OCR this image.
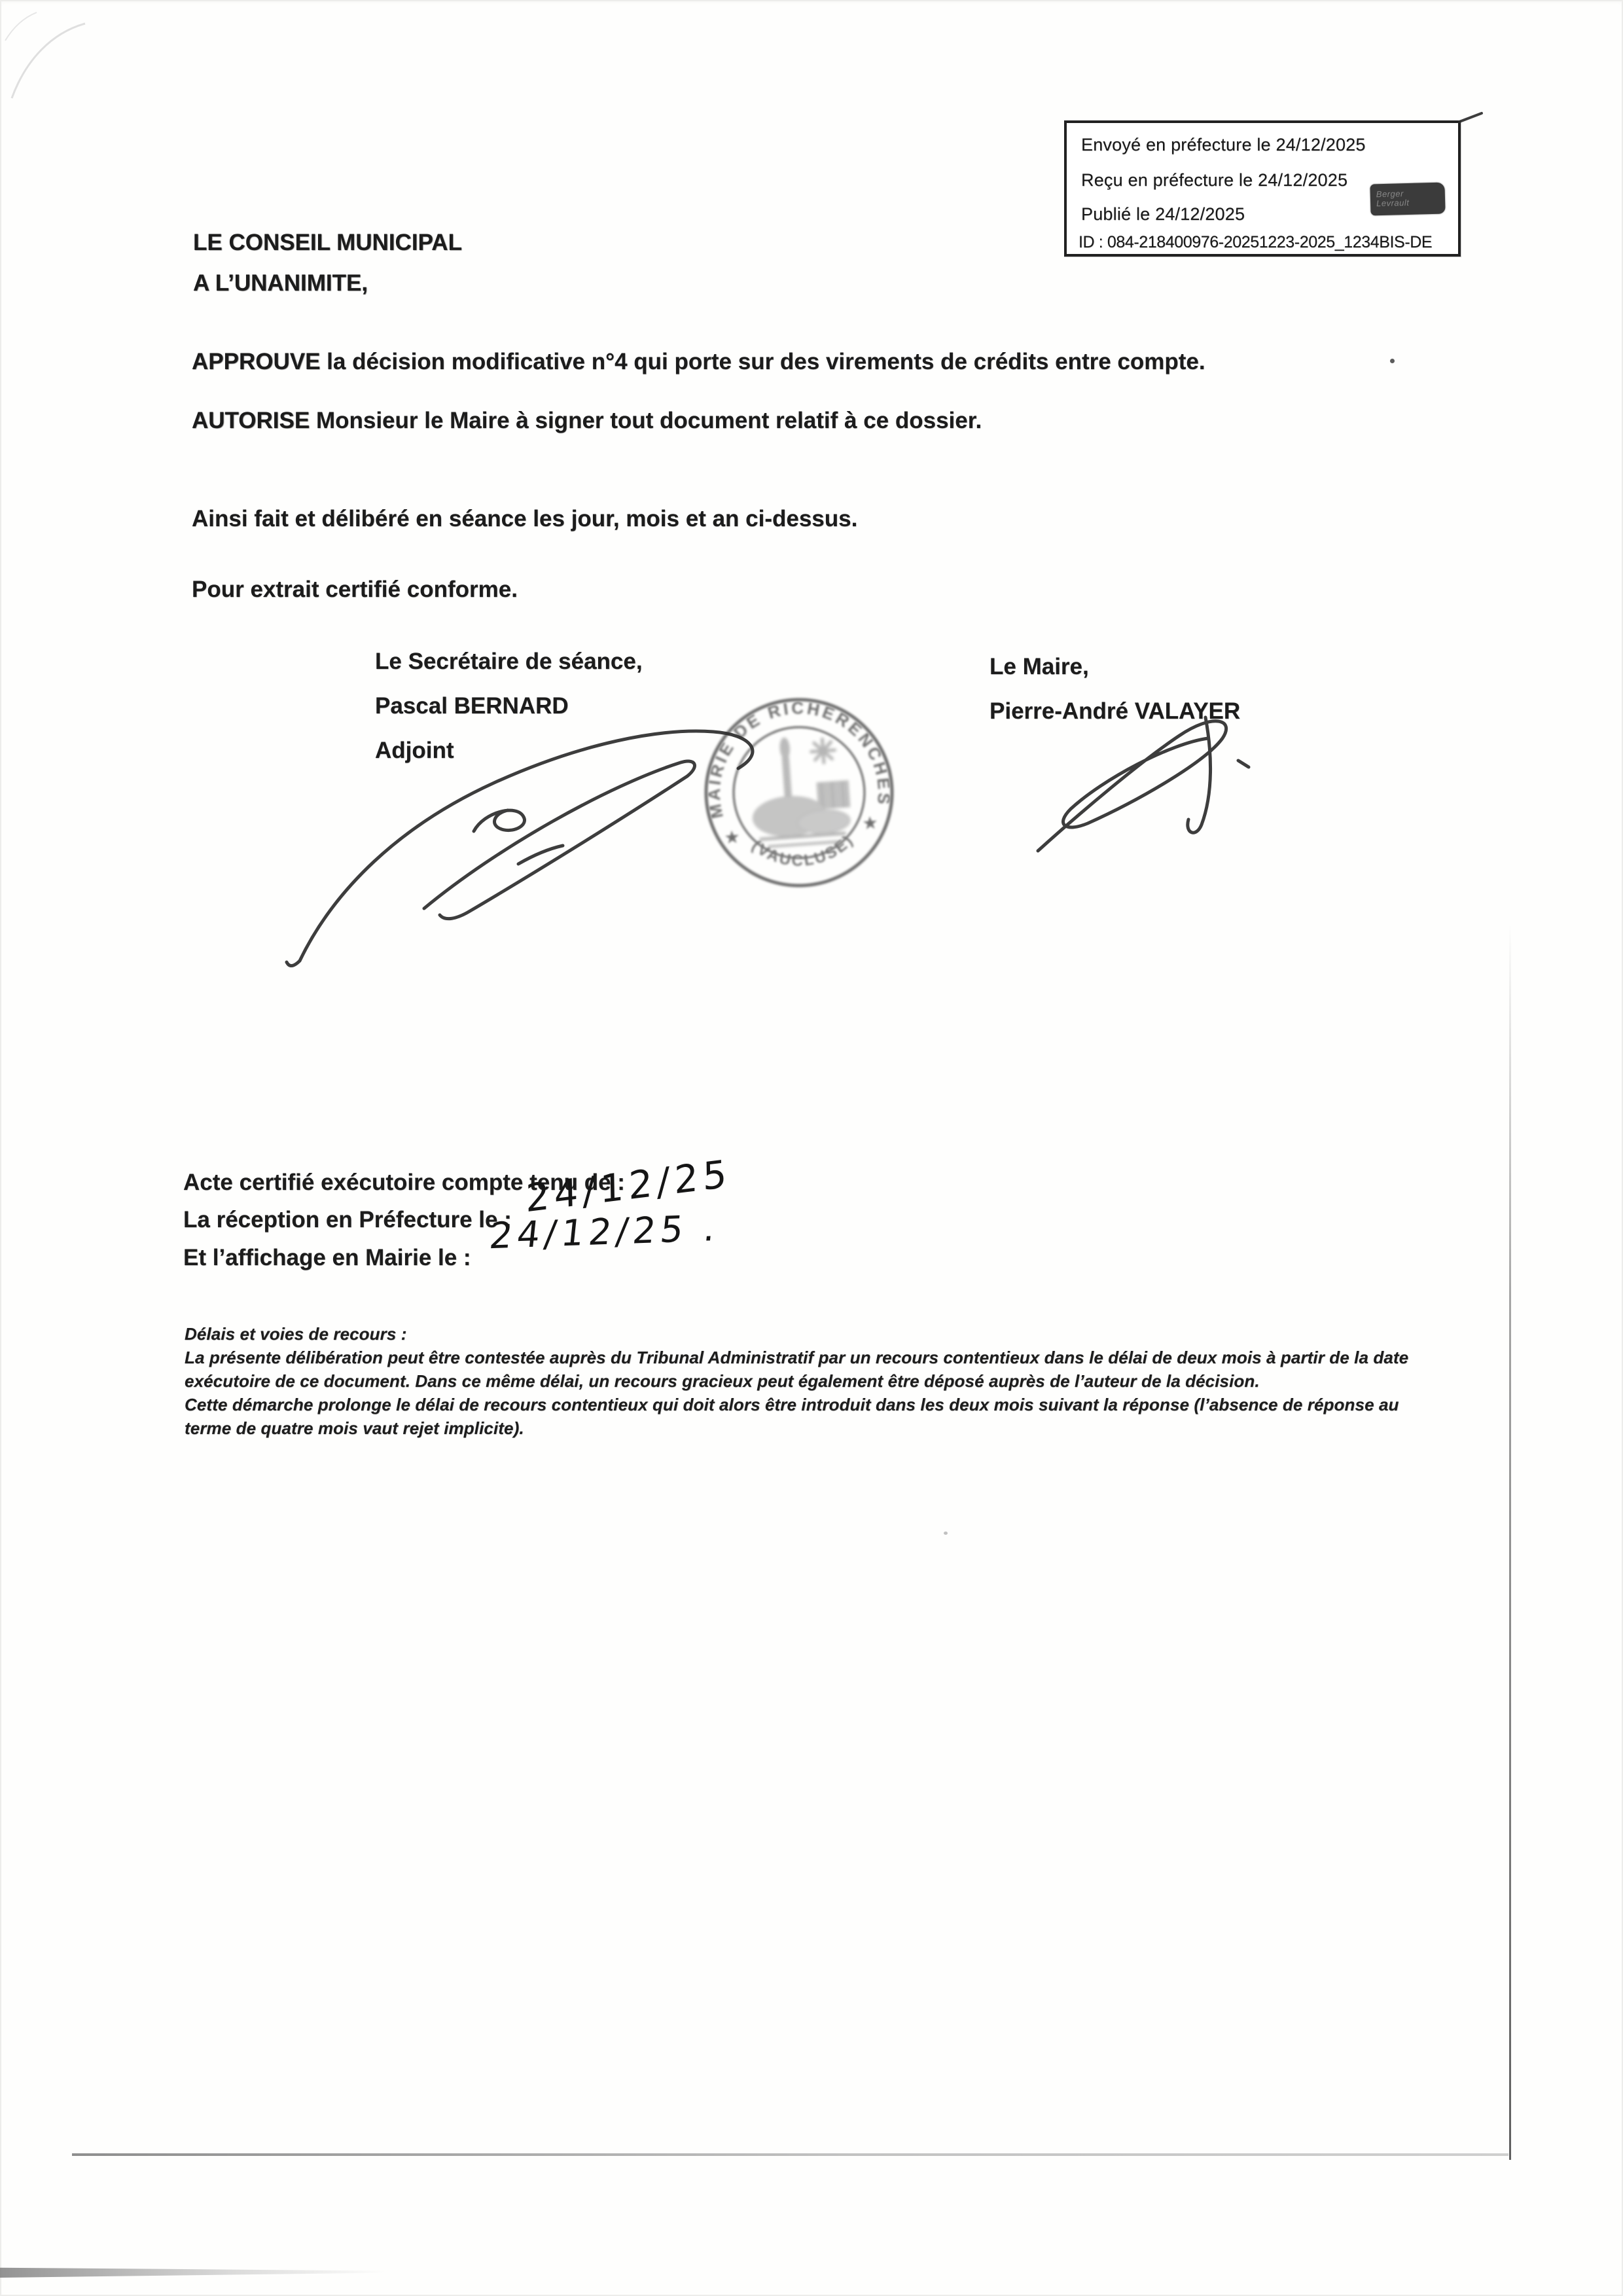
Envoyé en préfecture le 24/12/2025
Reçu en préfecture le 24/12/2025
Publié le 24/12/2025
ID : 084-218400976-20251223-2025_1234BIS-DE
Berger
Levrault
LE CONSEIL MUNICIPAL
A L’UNANIMITE,
APPROUVE la décision modificative n°4 qui porte sur des virements de crédits entre compte.
AUTORISE Monsieur le Maire à signer tout document relatif à ce dossier.
Ainsi fait et délibéré en séance les jour, mois et an ci-dessus.
Pour extrait certifié conforme.
Le Secrétaire de séance,
Pascal BERNARD
Adjoint
Le Maire,
Pierre-André VALAYER
MAIRIE DE RICHERENCHES
(VAUCLUSE)
★
★
Acte certifié exécutoire compte tenu de :
La réception en Préfecture le :
Et l’affichage en Mairie le :
24/12/25
24/12/25 .
Délais et voies de recours :
La présente délibération peut être contestée auprès du Tribunal Administratif par un recours contentieux dans le délai de deux mois à partir de la date
exécutoire de ce document. Dans ce même délai, un recours gracieux peut également être déposé auprès de l’auteur de la décision.
Cette démarche prolonge le délai de recours contentieux qui doit alors être introduit dans les deux mois suivant la réponse (l’absence de réponse au
terme de quatre mois vaut rejet implicite).
